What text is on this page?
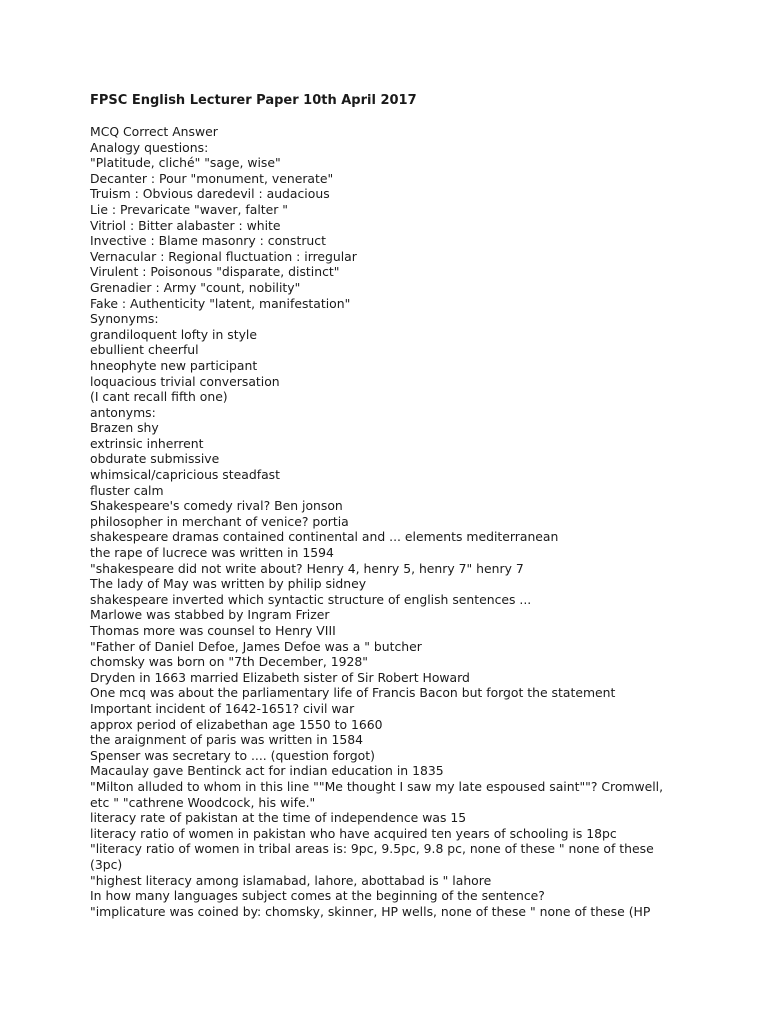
FPSC English Lecturer Paper 10th April 2017
MCQ Correct Answer
Analogy questions:
"Platitude, cliché" "sage, wise"
Decanter : Pour "monument, venerate"
Truism : Obvious daredevil : audacious
Lie : Prevaricate "waver, falter "
Vitriol : Bitter alabaster : white
Invective : Blame masonry : construct
Vernacular : Regional fluctuation : irregular
Virulent : Poisonous "disparate, distinct"
Grenadier : Army "count, nobility"
Fake : Authenticity "latent, manifestation"
Synonyms:
grandiloquent lofty in style
ebullient cheerful
hneophyte new participant
loquacious trivial conversation
(I cant recall fifth one)
antonyms:
Brazen shy
extrinsic inherrent
obdurate submissive
whimsical/capricious steadfast
fluster calm
Shakespeare's comedy rival? Ben jonson
philosopher in merchant of venice? portia
shakespeare dramas contained continental and ... elements mediterranean
the rape of lucrece was written in 1594
"shakespeare did not write about? Henry 4, henry 5, henry 7" henry 7
The lady of May was written by philip sidney
shakespeare inverted which syntactic structure of english sentences ...
Marlowe was stabbed by Ingram Frizer
Thomas more was counsel to Henry VIII
"Father of Daniel Defoe, James Defoe was a " butcher
chomsky was born on "7th December, 1928"
Dryden in 1663 married Elizabeth sister of Sir Robert Howard
One mcq was about the parliamentary life of Francis Bacon but forgot the statement
Important incident of 1642-1651? civil war
approx period of elizabethan age 1550 to 1660
the araignment of paris was written in 1584
Spenser was secretary to .... (question forgot)
Macaulay gave Bentinck act for indian education in 1835
"Milton alluded to whom in this line ""Me thought I saw my late espoused saint""? Cromwell,
etc " "cathrene Woodcock, his wife."
literacy rate of pakistan at the time of independence was 15
literacy ratio of women in pakistan who have acquired ten years of schooling is 18pc
"literacy ratio of women in tribal areas is: 9pc, 9.5pc, 9.8 pc, none of these " none of these
(3pc)
"highest literacy among islamabad, lahore, abottabad is " lahore
In how many languages subject comes at the beginning of the sentence?
"implicature was coined by: chomsky, skinner, HP wells, none of these " none of these (HP
